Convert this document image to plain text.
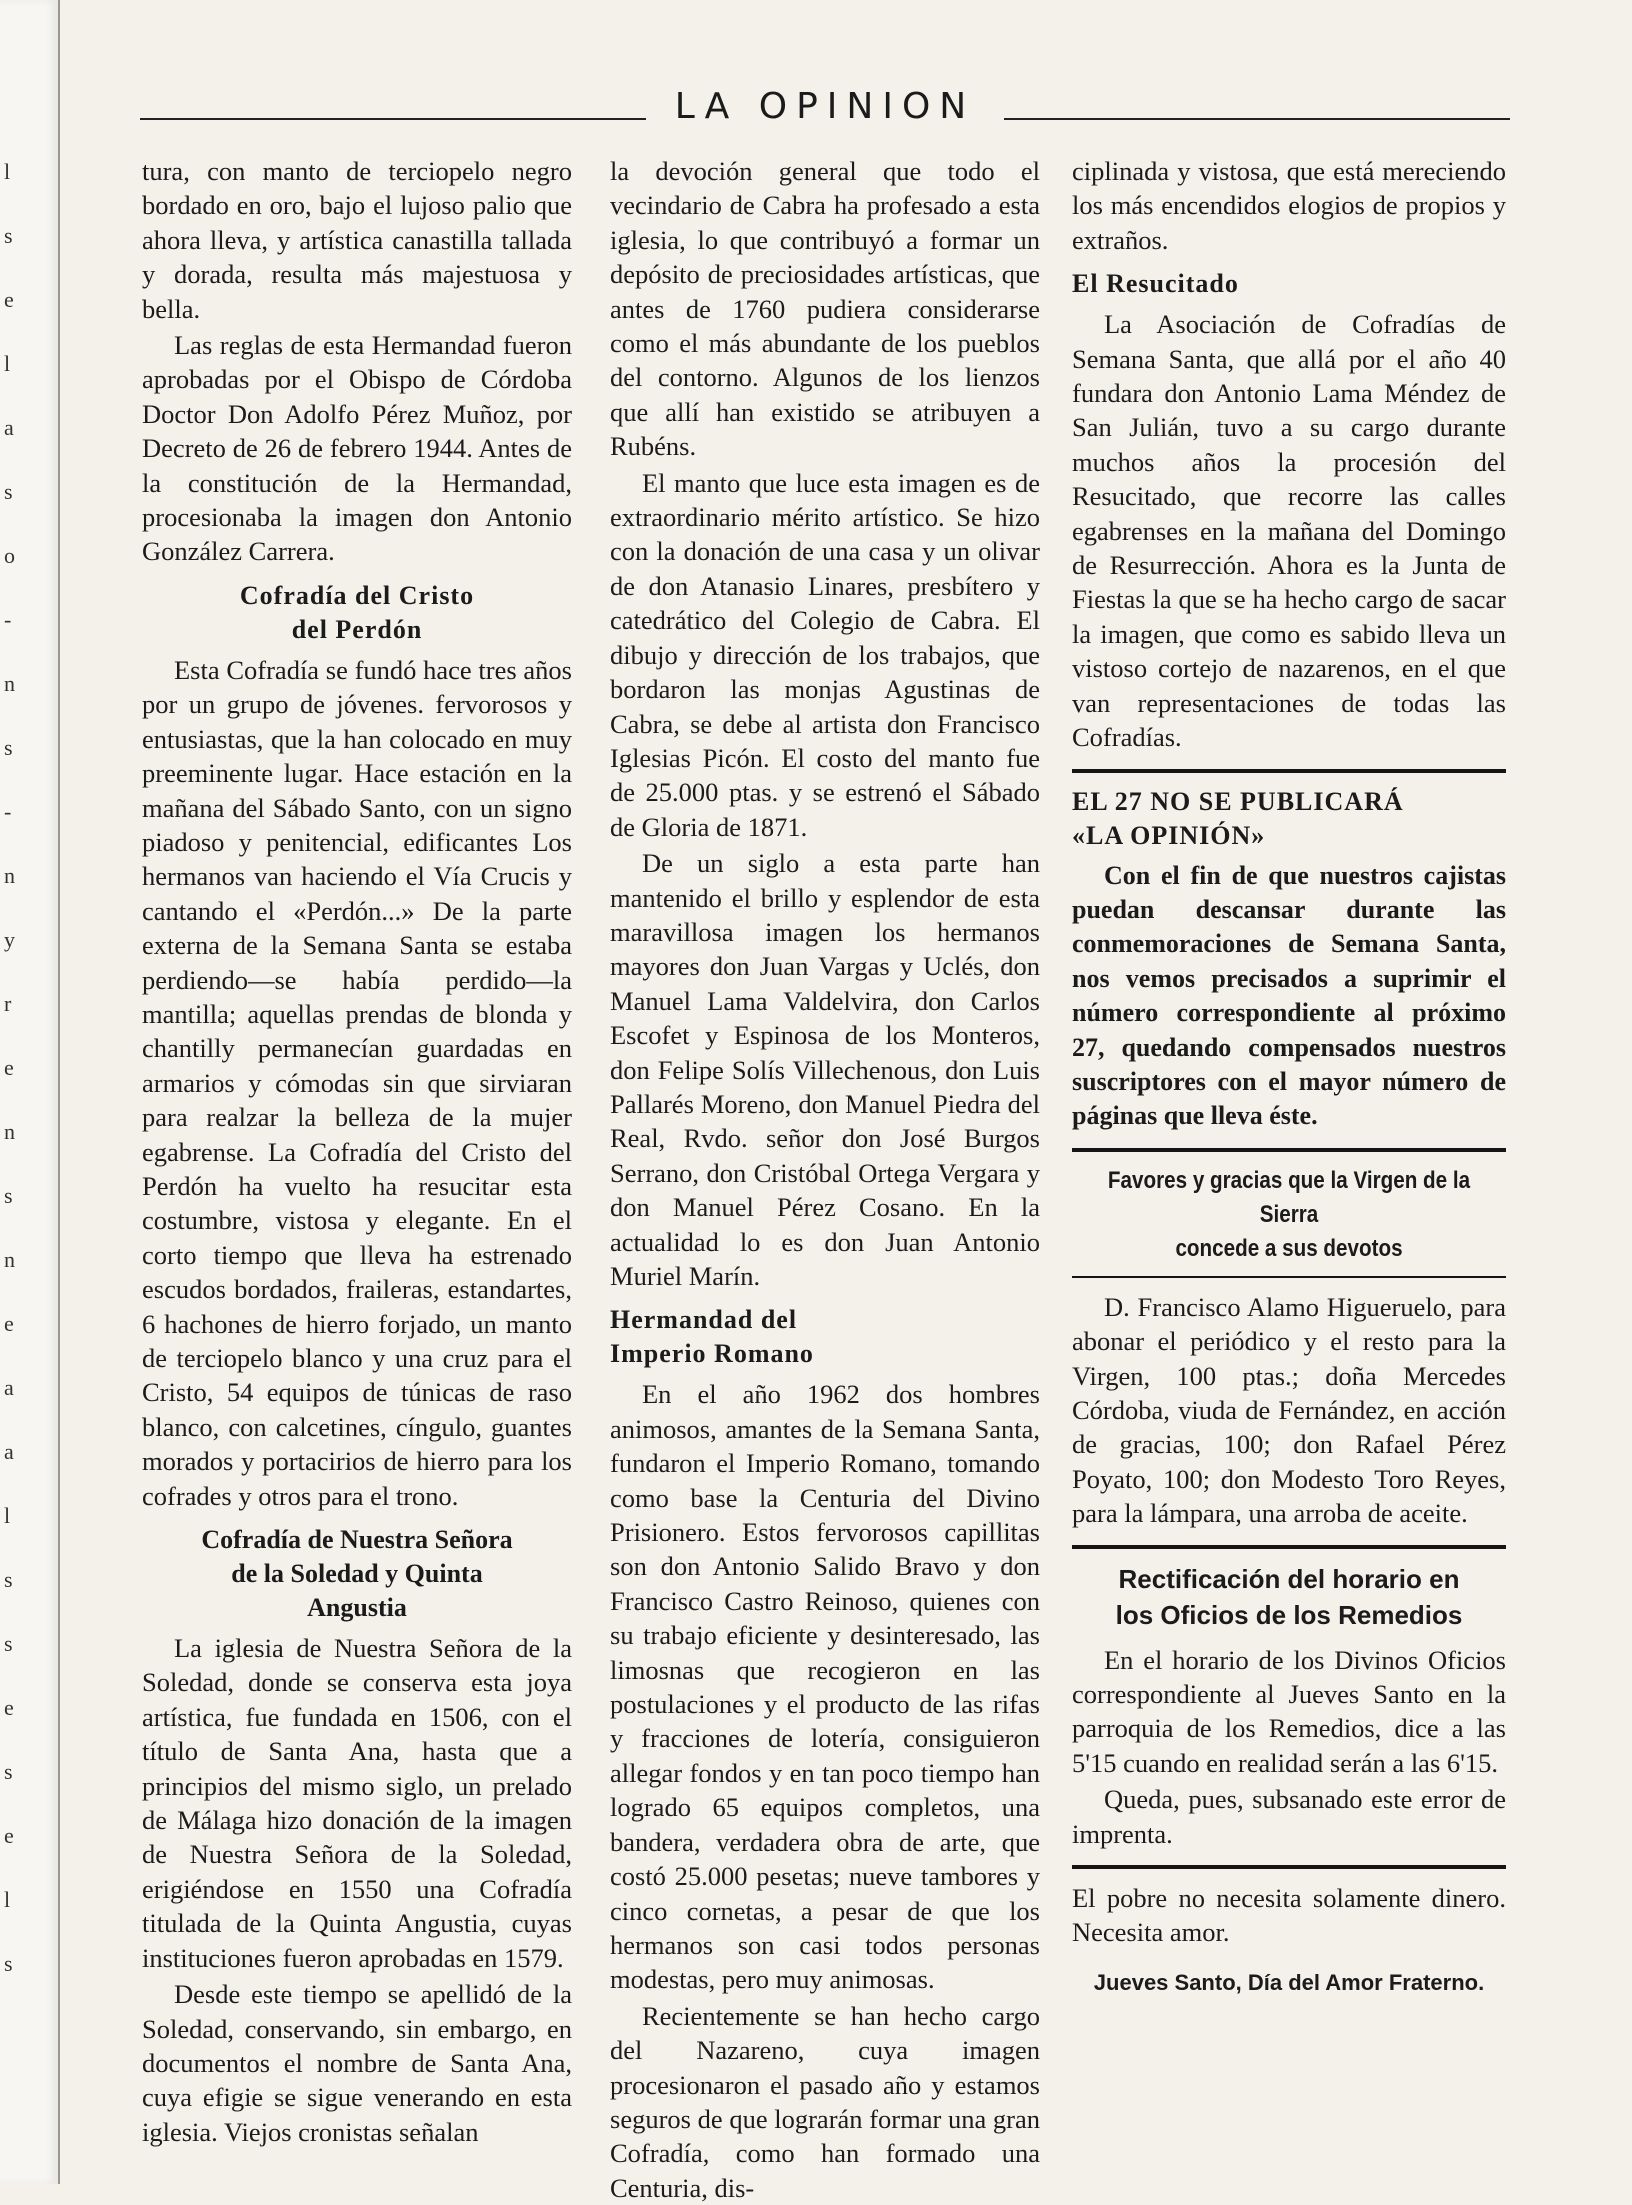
LA OPINION

tura, con manto de terciopelo negro bordado en oro, bajo el lujoso palio que ahora lleva, y artística canastilla tallada y dorada, resulta más majestuosa y bella.

Las reglas de esta Hermandad fueron aprobadas por el Obispo de Córdoba Doctor Don Adolfo Pérez Muñoz, por Decreto de 26 de febrero 1944. Antes de la constitución de la Hermandad, procesionaba la imagen don Antonio González Carrera.

Cofradía del Cristo
del Perdón

Esta Cofradía se fundó hace tres años por un grupo de jóvenes. fervorosos y entusiastas, que la han colocado en muy preeminente lugar. Hace estación en la mañana del Sábado Santo, con un signo piadoso y penitencial, edificantes Los hermanos van haciendo el Vía Crucis y cantando el «Perdón...» De la parte externa de la Semana Santa se estaba perdiendo—se había perdido—la mantilla; aquellas prendas de blonda y chantilly permanecían guardadas en armarios y cómodas sin que sirviaran para realzar la belleza de la mujer egabrense. La Cofradía del Cristo del Perdón ha vuelto ha resucitar esta costumbre, vistosa y elegante. En el corto tiempo que lleva ha estrenado escudos bordados, fraileras, estandartes, 6 hachones de hierro forjado, un manto de terciopelo blanco y una cruz para el Cristo, 54 equipos de túnicas de raso blanco, con calcetines, cíngulo, guantes morados y portacirios de hierro para los cofrades y otros para el trono.

Cofradía de Nuestra Señora
de la Soledad y Quinta
Angustia

La iglesia de Nuestra Señora de la Soledad, donde se conserva esta joya artística, fue fundada en 1506, con el título de Santa Ana, hasta que a principios del mismo siglo, un prelado de Málaga hizo donación de la imagen de Nuestra Señora de la Soledad, erigiéndose en 1550 una Cofradía titulada de la Quinta Angustia, cuyas instituciones fueron aprobadas en 1579.

Desde este tiempo se apellidó de la Soledad, conservando, sin embargo, en documentos el nombre de Santa Ana, cuya efigie se sigue venerando en esta iglesia. Viejos cronistas señalan

la devoción general que todo el vecindario de Cabra ha profesado a esta iglesia, lo que contribuyó a formar un depósito de preciosidades artísticas, que antes de 1760 pudiera considerarse como el más abundante de los pueblos del contorno. Algunos de los lienzos que allí han existido se atribuyen a Rubéns.

El manto que luce esta imagen es de extraordinario mérito artístico. Se hizo con la donación de una casa y un olivar de don Atanasio Linares, presbítero y catedrático del Colegio de Cabra. El dibujo y dirección de los trabajos, que bordaron las monjas Agustinas de Cabra, se debe al artista don Francisco Iglesias Picón. El costo del manto fue de 25.000 ptas. y se estrenó el Sábado de Gloria de 1871.

De un siglo a esta parte han mantenido el brillo y esplendor de esta maravillosa imagen los hermanos mayores don Juan Vargas y Uclés, don Manuel Lama Valdelvira, don Carlos Escofet y Espinosa de los Monteros, don Felipe Solís Villechenous, don Luis Pallarés Moreno, don Manuel Piedra del Real, Rvdo. señor don José Burgos Serrano, don Cristóbal Ortega Vergara y don Manuel Pérez Cosano. En la actualidad lo es don Juan Antonio Muriel Marín.

Hermandad del
Imperio Romano

En el año 1962 dos hombres animosos, amantes de la Semana Santa, fundaron el Imperio Romano, tomando como base la Centuria del Divino Prisionero. Estos fervorosos capillitas son don Antonio Salido Bravo y don Francisco Castro Reinoso, quienes con su trabajo eficiente y desinteresado, las limosnas que recogieron en las postulaciones y el producto de las rifas y fracciones de lotería, consiguieron allegar fondos y en tan poco tiempo han logrado 65 equipos completos, una bandera, verdadera obra de arte, que costó 25.000 pesetas; nueve tambores y cinco cornetas, a pesar de que los hermanos son casi todos personas modestas, pero muy animosas.

Recientemente se han hecho cargo del Nazareno, cuya imagen procesionaron el pasado año y estamos seguros de que lograrán formar una gran Cofradía, como han formado una Centuria, dis-

ciplinada y vistosa, que está mereciendo los más encendidos elogios de propios y extraños.

El Resucitado

La Asociación de Cofradías de Semana Santa, que allá por el año 40 fundara don Antonio Lama Méndez de San Julián, tuvo a su cargo durante muchos años la procesión del Resucitado, que recorre las calles egabrenses en la mañana del Domingo de Resurrección. Ahora es la Junta de Fiestas la que se ha hecho cargo de sacar la imagen, que como es sabido lleva un vistoso cortejo de nazarenos, en el que van representaciones de todas las Cofradías.

EL 27 NO SE PUBLICARÁ
«LA OPINIÓN»

Con el fin de que nuestros cajistas puedan descansar durante las conmemoraciones de Semana Santa, nos vemos precisados a suprimir el número correspondiente al próximo 27, quedando compensados nuestros suscriptores con el mayor número de páginas que lleva éste.

Favores y gracias que la Virgen de la Sierra
concede a sus devotos

D. Francisco Alamo Higueruelo, para abonar el periódico y el resto para la Virgen, 100 ptas.; doña Mercedes Córdoba, viuda de Fernández, en acción de gracias, 100; don Rafael Pérez Poyato, 100; don Modesto Toro Reyes, para la lámpara, una arroba de aceite.

Rectificación del horario en
los Oficios de los Remedios

En el horario de los Divinos Oficios correspondiente al Jueves Santo en la parroquia de los Remedios, dice a las 5'15 cuando en realidad serán a las 6'15.

Queda, pues, subsanado este error de imprenta.

El pobre no necesita solamente dinero. Necesita amor.

Jueves Santo, Día del Amor Fraterno.
l
s
e
l
a
s
o
-
n
s
-
n
y
r
e
n
s
n
e
a
a
l
s
s
e
s
e
l
s
